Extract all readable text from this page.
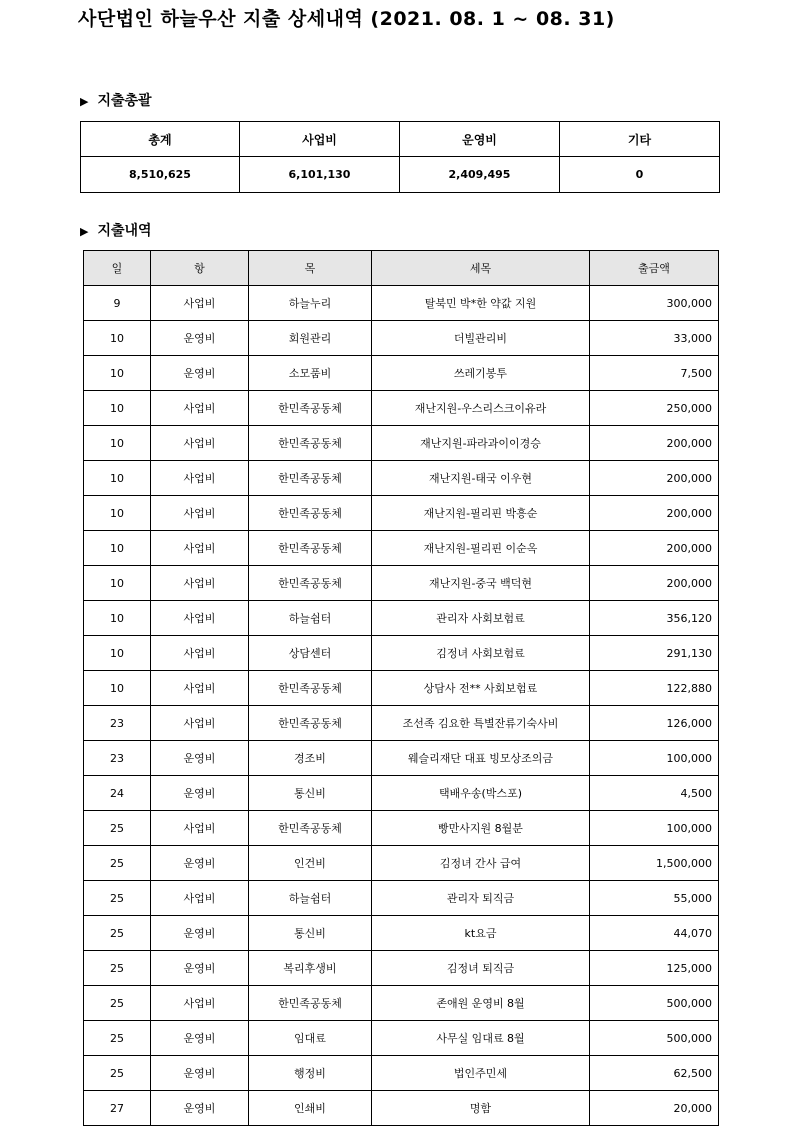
사단법인 하늘우산 지출 상세내역 (2021. 08. 1 ~ 08. 31)
▶ 지출총괄
총계	사업비	운영비	기타
8,510,625	6,101,130	2,409,495	0
▶ 지출내역
일	항	목	세목	출금액
9	사업비	하늘누리	탈북민 박*한 약값 지원	300,000
10	운영비	회원관리	더빌관리비	33,000
10	운영비	소모품비	쓰레기봉투	7,500
10	사업비	한민족공동체	재난지원-우스리스크이유라	250,000
10	사업비	한민족공동체	재난지원-파라과이이경승	200,000
10	사업비	한민족공동체	재난지원-태국 이우현	200,000
10	사업비	한민족공동체	재난지원-필리핀 박흥순	200,000
10	사업비	한민족공동체	재난지원-필리핀 이순옥	200,000
10	사업비	한민족공동체	재난지원-중국 백덕현	200,000
10	사업비	하늘쉼터	관리자 사회보험료	356,120
10	사업비	상담센터	김정녀 사회보험료	291,130
10	사업비	한민족공동체	상담사 전** 사회보험료	122,880
23	사업비	한민족공동체	조선족 김요한 특별잔류기숙사비	126,000
23	운영비	경조비	웨슬리재단 대표 빙모상조의금	100,000
24	운영비	통신비	택배우송(박스포)	4,500
25	사업비	한민족공동체	빵만사지원 8월분	100,000
25	운영비	인건비	김정녀 간사 급여	1,500,000
25	사업비	하늘쉼터	관리자 퇴직금	55,000
25	운영비	통신비	kt요금	44,070
25	운영비	복리후생비	김정녀 퇴직금	125,000
25	사업비	한민족공동체	존애원 운영비 8월	500,000
25	운영비	임대료	사무실 임대료 8월	500,000
25	운영비	행정비	법인주민세	62,500
27	운영비	인쇄비	명함	20,000
